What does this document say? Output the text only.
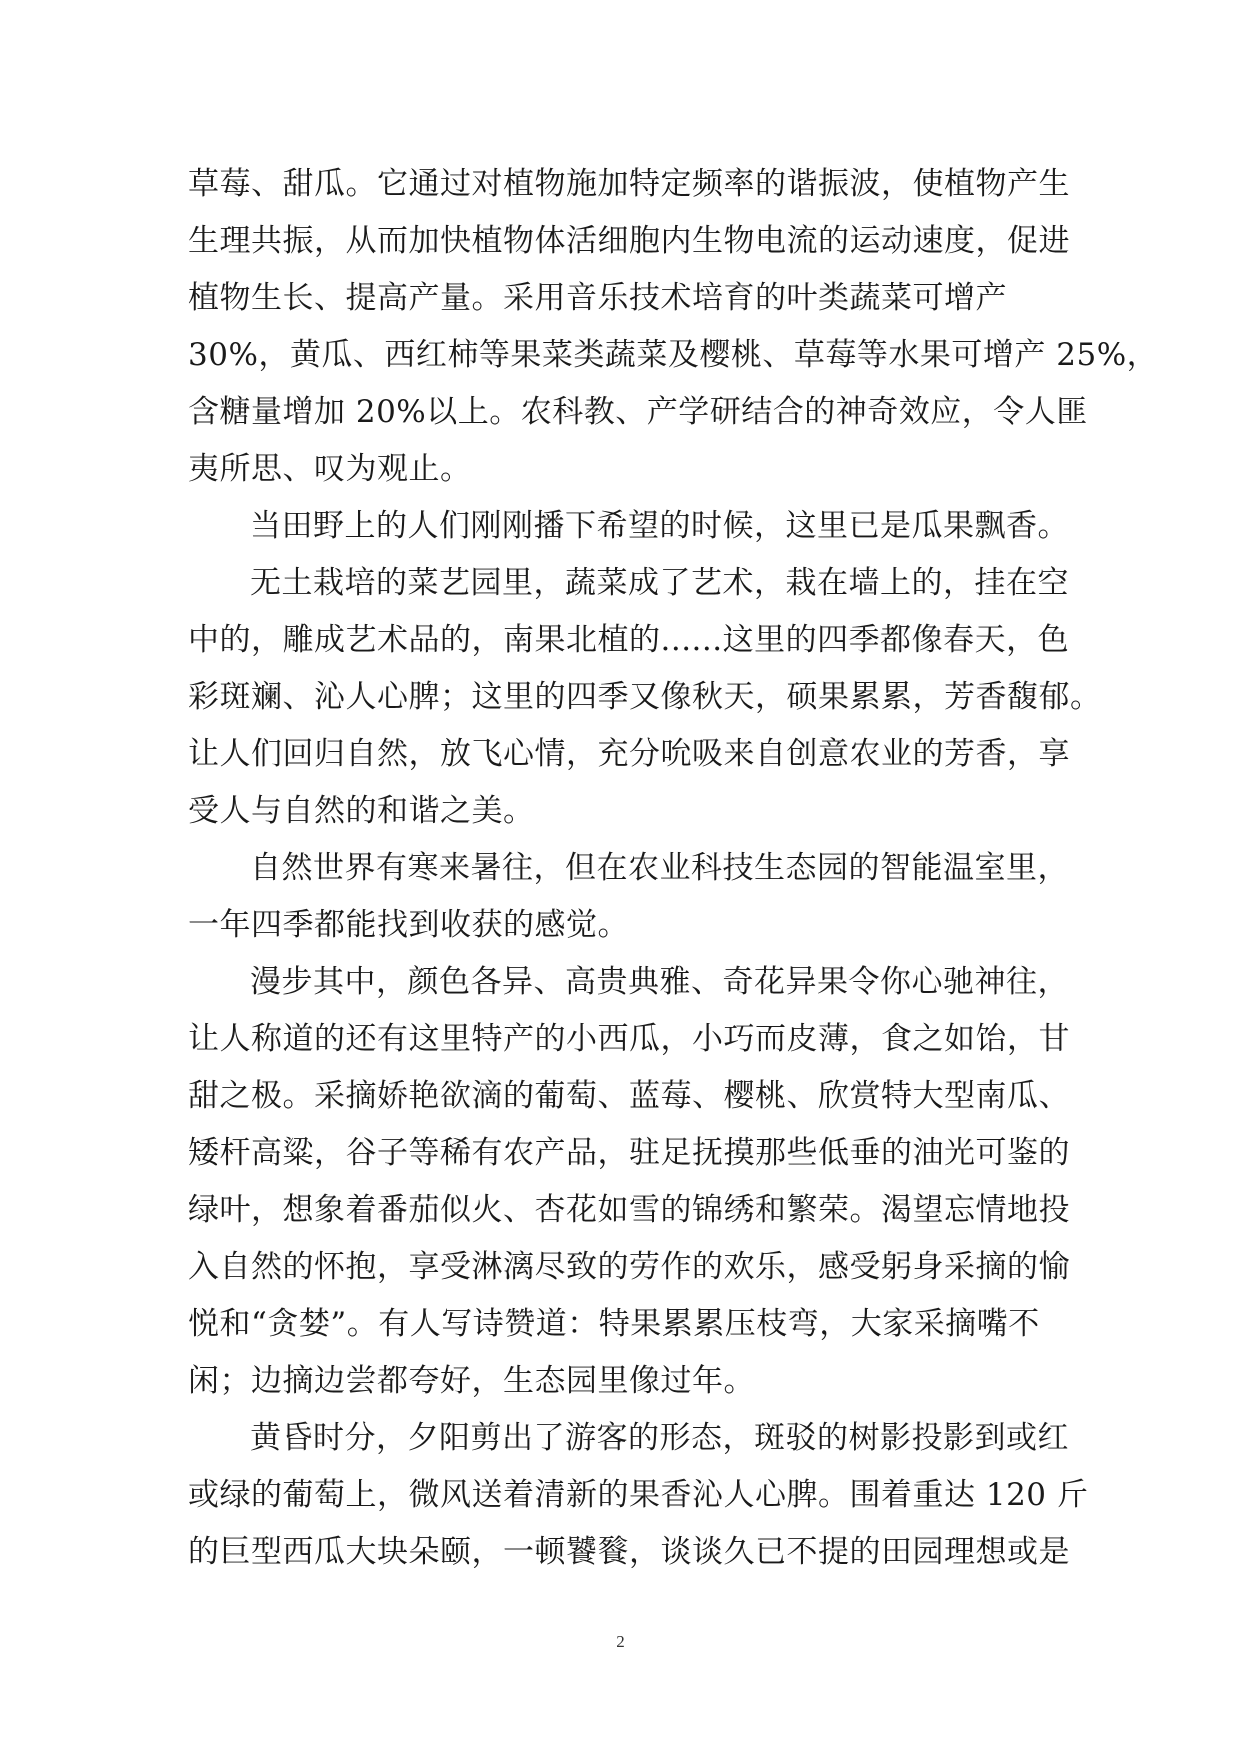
草莓、甜瓜。它通过对植物施加特定频率的谐振波，使植物产生
生理共振，从而加快植物体活细胞内生物电流的运动速度，促进
植物生长、提高产量。采用音乐技术培育的叶类蔬菜可增产
30%，黄瓜、西红柿等果菜类蔬菜及樱桃、草莓等水果可增产 25%，
含糖量增加 20%以上。农科教、产学研结合的神奇效应，令人匪
夷所思、叹为观止。
当田野上的人们刚刚播下希望的时候，这里已是瓜果飘香。
无土栽培的菜艺园里，蔬菜成了艺术，栽在墙上的，挂在空
中的，雕成艺术品的，南果北植的......这里的四季都像春天，色
彩斑斓、沁人心脾；这里的四季又像秋天，硕果累累，芳香馥郁。
让人们回归自然，放飞心情，充分吮吸来自创意农业的芳香，享
受人与自然的和谐之美。
自然世界有寒来暑往，但在农业科技生态园的智能温室里，
一年四季都能找到收获的感觉。
漫步其中，颜色各异、高贵典雅、奇花异果令你心驰神往，
让人称道的还有这里特产的小西瓜，小巧而皮薄，食之如饴，甘
甜之极。采摘娇艳欲滴的葡萄、蓝莓、樱桃、欣赏特大型南瓜、
矮杆高粱，谷子等稀有农产品，驻足抚摸那些低垂的油光可鉴的
绿叶，想象着番茄似火、杏花如雪的锦绣和繁荣。渴望忘情地投
入自然的怀抱，享受淋漓尽致的劳作的欢乐，感受躬身采摘的愉
悦和“贪婪”。有人写诗赞道：特果累累压枝弯，大家采摘嘴不
闲；边摘边尝都夸好，生态园里像过年。
黄昏时分，夕阳剪出了游客的形态，斑驳的树影投影到或红
或绿的葡萄上，微风送着清新的果香沁人心脾。围着重达 120 斤
的巨型西瓜大块朵颐，一顿饕餮，谈谈久已不提的田园理想或是
2
